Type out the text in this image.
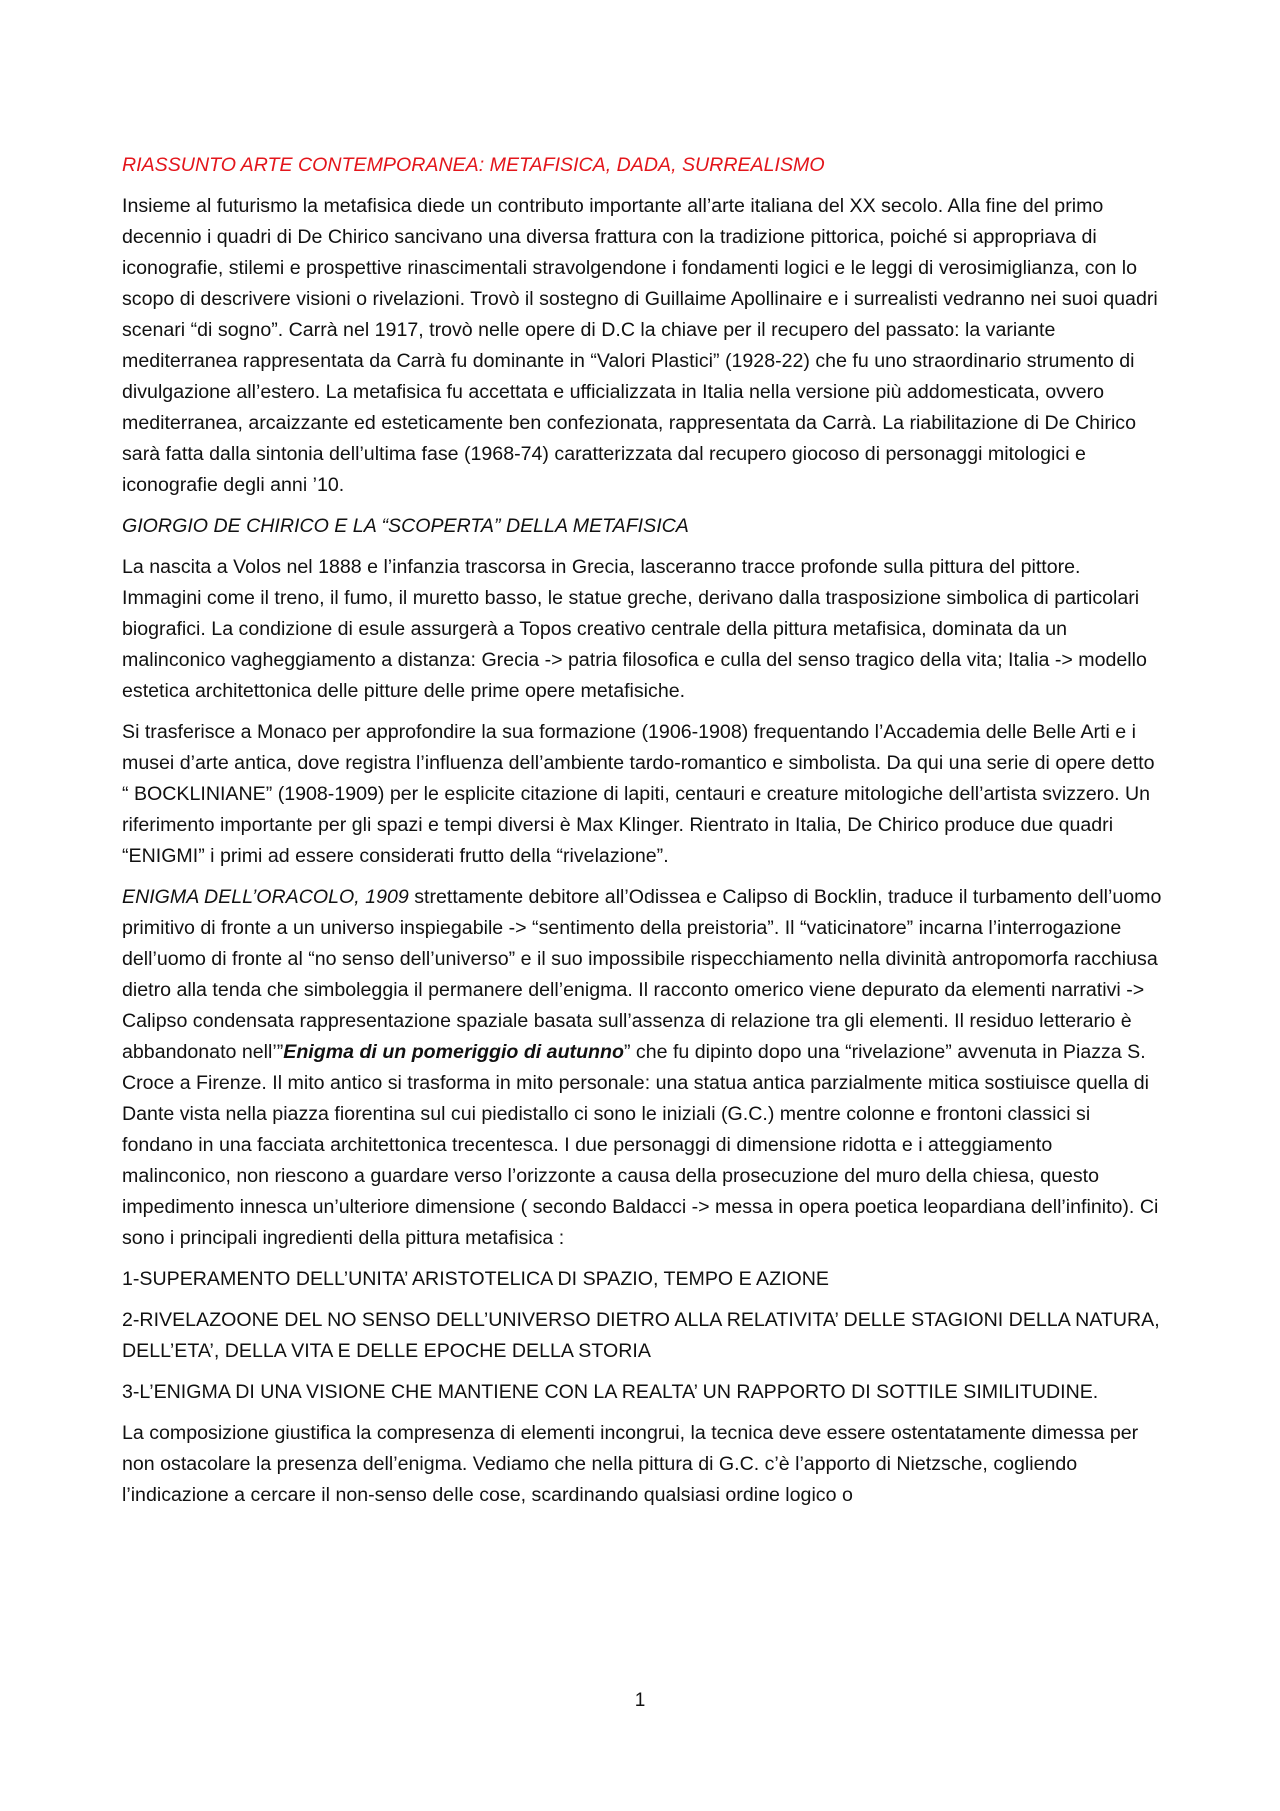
RIASSUNTO ARTE CONTEMPORANEA: METAFISICA, DADA, SURREALISMO

Insieme al futurismo la metafisica diede un contributo importante all’arte italiana del XX secolo. Alla fine del primo decennio i quadri di De Chirico sancivano una diversa frattura con la tradizione pittorica, poiché si appropriava di iconografie, stilemi e prospettive rinascimentali stravolgendone i fondamenti logici e le leggi di verosimiglianza, con lo scopo di descrivere visioni o rivelazioni. Trovò il sostegno di Guillaime Apollinaire e i surrealisti vedranno nei suoi quadri scenari “di sogno”. Carrà nel 1917, trovò nelle opere di D.C la chiave per il recupero del passato: la variante mediterranea rappresentata da Carrà fu dominante in “Valori Plastici” (1928-22) che fu uno straordinario strumento di divulgazione all’estero. La metafisica fu accettata e ufficializzata in Italia nella versione più addomesticata, ovvero mediterranea, arcaizzante ed esteticamente ben confezionata, rappresentata da Carrà. La riabilitazione di De Chirico sarà fatta dalla sintonia dell’ultima fase (1968-74) caratterizzata dal recupero giocoso di personaggi mitologici e iconografie degli anni ’10.

GIORGIO DE CHIRICO E LA “SCOPERTA” DELLA METAFISICA

La nascita a Volos nel 1888 e l’infanzia trascorsa in Grecia, lasceranno tracce profonde sulla pittura del pittore. Immagini come il treno, il fumo, il muretto basso, le statue greche, derivano dalla trasposizione simbolica di particolari biografici. La condizione di esule assurgerà a Topos creativo centrale della pittura metafisica, dominata da un malinconico vagheggiamento a distanza: Grecia -> patria filosofica e culla del senso tragico della vita; Italia -> modello estetica architettonica delle pitture delle prime opere metafisiche.

Si trasferisce a Monaco per approfondire la sua formazione (1906-1908) frequentando l’Accademia delle Belle Arti e i musei d’arte antica, dove registra l’influenza dell’ambiente tardo-romantico e simbolista. Da qui una serie di opere detto “ BOCKLINIANE” (1908-1909) per le esplicite citazione di lapiti, centauri e creature mitologiche dell’artista svizzero. Un riferimento importante per gli spazi e tempi diversi è Max Klinger. Rientrato in Italia, De Chirico produce due quadri “ENIGMI” i primi ad essere considerati frutto della “rivelazione”.

ENIGMA DELL’ORACOLO, 1909 strettamente debitore all’Odissea e Calipso di Bocklin, traduce il turbamento dell’uomo primitivo di fronte a un universo inspiegabile -> “sentimento della preistoria”. Il “vaticinatore” incarna l’interrogazione dell’uomo di fronte al “no senso dell’universo” e il suo impossibile rispecchiamento nella divinità antropomorfa racchiusa dietro alla tenda che simboleggia il permanere dell’enigma. Il racconto omerico viene depurato da elementi narrativi -> Calipso condensata rappresentazione spaziale basata sull’assenza di relazione tra gli elementi. Il residuo letterario è abbandonato nell’”Enigma di un pomeriggio di autunno” che fu dipinto dopo una “rivelazione” avvenuta in Piazza S. Croce a Firenze. Il mito antico si trasforma in mito personale: una statua antica parzialmente mitica sostiuisce quella di Dante vista nella piazza fiorentina sul cui piedistallo ci sono le iniziali (G.C.) mentre colonne e frontoni classici si fondano in una facciata architettonica trecentesca. I due personaggi di dimensione ridotta e i atteggiamento malinconico, non riescono a guardare verso l’orizzonte a causa della prosecuzione del muro della chiesa, questo impedimento innesca un’ulteriore dimensione ( secondo Baldacci -> messa in opera poetica leopardiana dell’infinito). Ci sono i principali ingredienti della pittura metafisica :

1-SUPERAMENTO DELL’UNITA’ ARISTOTELICA DI SPAZIO, TEMPO E AZIONE

2-RIVELAZOONE DEL NO SENSO DELL’UNIVERSO DIETRO ALLA RELATIVITA’ DELLE STAGIONI DELLA NATURA, DELL’ETA’, DELLA VITA E DELLE EPOCHE DELLA STORIA

3-L’ENIGMA DI UNA VISIONE CHE MANTIENE CON LA REALTA’ UN RAPPORTO DI SOTTILE SIMILITUDINE.

La composizione giustifica la compresenza di elementi incongrui, la tecnica deve essere ostentatamente dimessa per non ostacolare la presenza dell’enigma. Vediamo che nella pittura di G.C. c’è l’apporto di Nietzsche, cogliendo l’indicazione a cercare il non-senso delle cose, scardinando qualsiasi ordine logico o

1
